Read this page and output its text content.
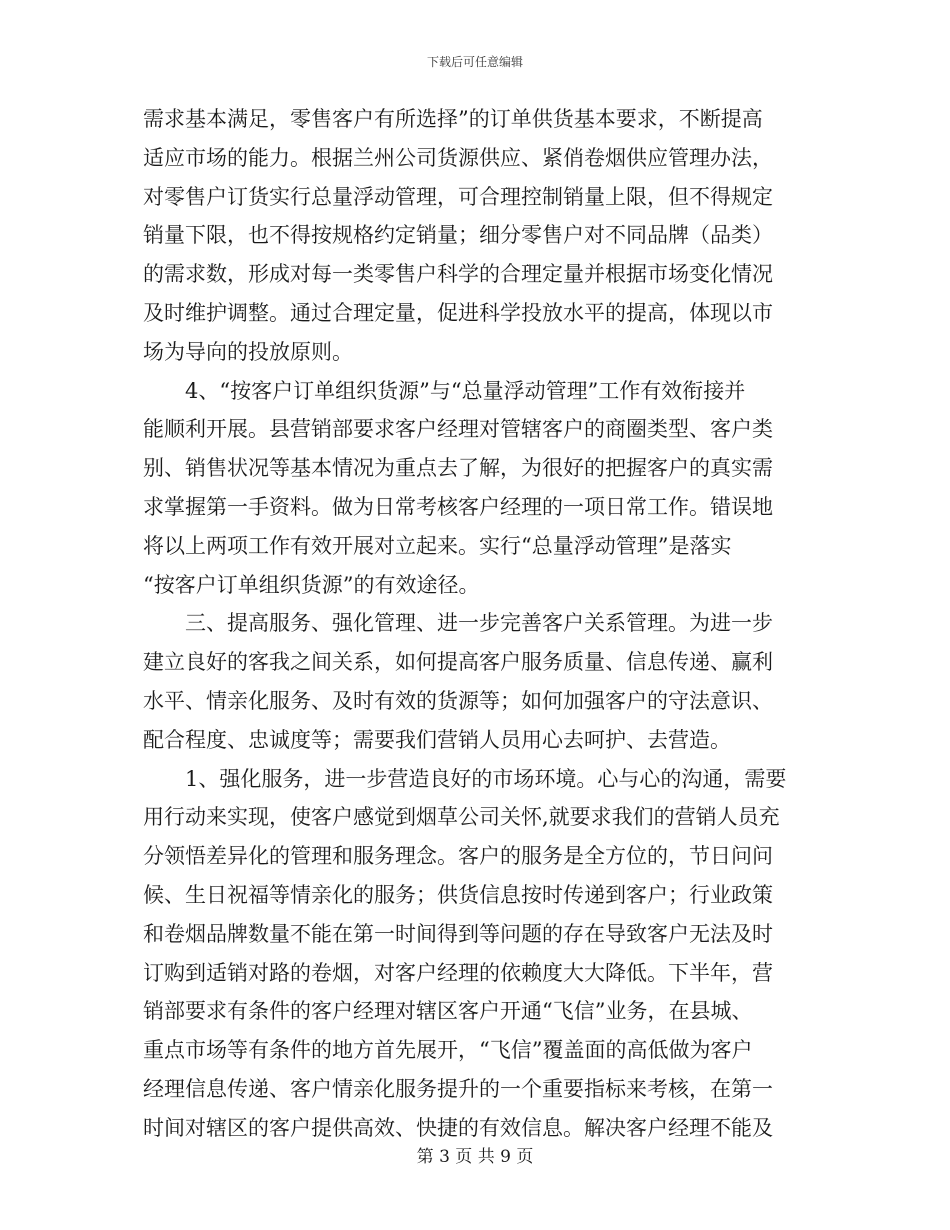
下载后可任意编辑
需求基本满足，零售客户有所选择”的订单供货基本要求，不断提高
适应市场的能力。根据兰州公司货源供应、紧俏卷烟供应管理办法，
对零售户订货实行总量浮动管理，可合理控制销量上限，但不得规定
销量下限，也不得按规格约定销量；细分零售户对不同品牌（品类）
的需求数，形成对每一类零售户科学的合理定量并根据市场变化情况
及时维护调整。通过合理定量，促进科学投放水平的提高，体现以市
场为导向的投放原则。
4、“按客户订单组织货源”与“总量浮动管理”工作有效衔接并
能顺利开展。县营销部要求客户经理对管辖客户的商圈类型、客户类
别、销售状况等基本情况为重点去了解，为很好的把握客户的真实需
求掌握第一手资料。做为日常考核客户经理的一项日常工作。错误地
将以上两项工作有效开展对立起来。实行“总量浮动管理”是落实
“按客户订单组织货源”的有效途径。
三、提高服务、强化管理、进一步完善客户关系管理。为进一步
建立良好的客我之间关系，如何提高客户服务质量、信息传递、赢利
水平、情亲化服务、及时有效的货源等；如何加强客户的守法意识、
配合程度、忠诚度等；需要我们营销人员用心去呵护、去营造。
1、强化服务，进一步营造良好的市场环境。心与心的沟通，需要
用行动来实现，使客户感觉到烟草公司关怀,就要求我们的营销人员充
分领悟差异化的管理和服务理念。客户的服务是全方位的，节日问问
候、生日祝福等情亲化的服务；供货信息按时传递到客户；行业政策
和卷烟品牌数量不能在第一时间得到等问题的存在导致客户无法及时
订购到适销对路的卷烟，对客户经理的依赖度大大降低。下半年，营
销部要求有条件的客户经理对辖区客户开通“飞信”业务，在县城、
重点市场等有条件的地方首先展开，“飞信”覆盖面的高低做为客户
经理信息传递、客户情亲化服务提升的一个重要指标来考核，在第一
时间对辖区的客户提供高效、快捷的有效信息。解决客户经理不能及
第 3 页 共 9 页
